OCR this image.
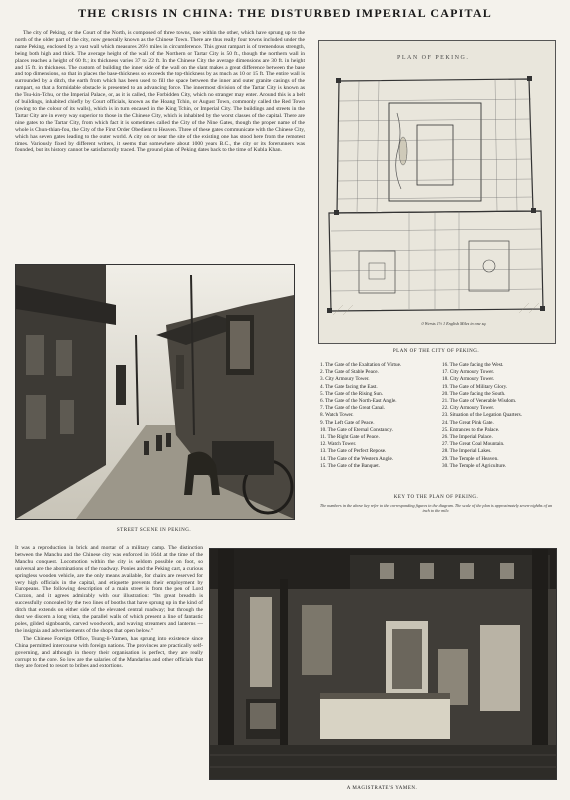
THE CRISIS IN CHINA: THE DISTURBED IMPERIAL CAPITAL

The city of Peking, or the Court of the North, is composed of three towns, one within the other, which have sprung up to the north of the older part of the city, now generally known as the Chinese Town. There are thus really four towns included under the name Peking, enclosed by a vast wall which measures 26½ miles in circumference. This great rampart is of tremendous strength, being both high and thick. The average height of the wall of the Northern or Tartar City is 50 ft., though the northern wall in places reaches a height of 60 ft.; its thickness varies 37 to 22 ft. In the Chinese City the average dimensions are 30 ft. in height and 15 ft. in thickness. The custom of building the inner side of the wall on the slant makes a great difference between the base and top dimensions, so that in places the base-thickness so exceeds the top-thickness by as much as 10 or 15 ft. The entire wall is surrounded by a ditch, the earth from which has been used to fill the space between the inner and outer granite casings of the rampart, so that a formidable obstacle is presented to an advancing force. The innermost division of the Tartar City is known as the Tsu-kin-Tchu, or the Imperial Palace, or, as it is called, the Forbidden City, which no stranger may enter. Around this is a belt of buildings, inhabited chiefly by Court officials, known as the Hoang Tchin, or August Town, commonly called the Red Town (owing to the colour of its walls), which is in turn encased in the King Tchin, or Imperial City. The buildings and streets in the Tartar City are in every way superior to those in the Chinese City, which is inhabited by the worst classes of the capital. There are nine gates to the Tartar City, from which fact it is sometimes called the City of the Nine Gates, though the proper name of the whole is Chun-thian-fou, the City of the First Order Obedient to Heaven. Three of these gates communicate with the Chinese City, which has seven gates leading to the outer world. A city on or near the site of the existing one has stood here from the remotest times. Variously fixed by different writers, it seems that somewhere about 1000 years B.C., the city or its forerunners was founded, but its history cannot be satisfactorily traced. The ground plan of Peking dates back to the time of Kubla Khan.

PLAN OF PEKING.
0 Wersts 1½ 1 English Miles in one sq.
PLAN OF THE CITY OF PEKING.
1. The Gate of the Exaltation of Virtue.
2. The Gate of Stable Peace.
3. City Armoury Tower.
4. The Gate facing the East.
5. The Gate of the Rising Sun.
6. The Gate of the North-East Angle.
7. The Gate of the Great Canal.
8. Watch Tower.
9. The Left Gate of Peace.
10. The Gate of Eternal Constancy.
11. The Right Gate of Peace.
12. Watch Tower.
13. The Gate of Perfect Repose.
14. The Gate of the Western Angle.
15. The Gate of the Banquet.
16. The Gate facing the West.
17. City Armoury Tower.
18. City Armoury Tower.
19. The Gate of Military Glory.
20. The Gate facing the South.
21. The Gate of Venerable Wisdom.
22. City Armoury Tower.
23. Situation of the Legation Quarters.
24. The Great Pink Gate.
25. Entrances to the Palace.
26. The Imperial Palace.
27. The Great Coal Mountain.
28. The Imperial Lakes.
29. The Temple of Heaven.
30. The Temple of Agriculture.
KEY TO THE PLAN OF PEKING.
The numbers in the above key refer to the corresponding figures in the diagram. The scale of the plan is approximately seven-eighths of an inch to the mile.
STREET SCENE IN PEKING.

It was a reproduction in brick and mortar of a military camp. The distinction between the Manchu and the Chinese city was enforced in 1644 at the time of the Manchu conquest. Locomotion within the city is seldom possible on foot, so universal are the abominations of the roadway. Ponies and the Peking cart, a curious springless wooden vehicle, are the only means available, for chairs are reserved for very high officials in the capital, and etiquette prevents their employment by Europeans. The following description of a main street is from the pen of Lord Curzon, and it agrees admirably with our illustration: “Its great breadth is successfully concealed by the two lines of booths that have sprung up in the kind of ditch that extends on either side of the elevated central roadway; but through the dust we discern a long vista, the parallel walls of which present a line of fantastic poles, gilded signboards, carved woodwork, and waving streamers and lanterns — the insignia and advertisements of the shops that open below.”

The Chinese Foreign Office, Tsung-li-Yamen, has sprung into existence since China permitted intercourse with foreign nations. The provinces are practically self-governing, and although in theory their organisation is perfect, they are really corrupt to the core. So low are the salaries of the Mandarins and other officials that they are forced to resort to bribes and extortions.

A MAGISTRATE'S YAMEN.
